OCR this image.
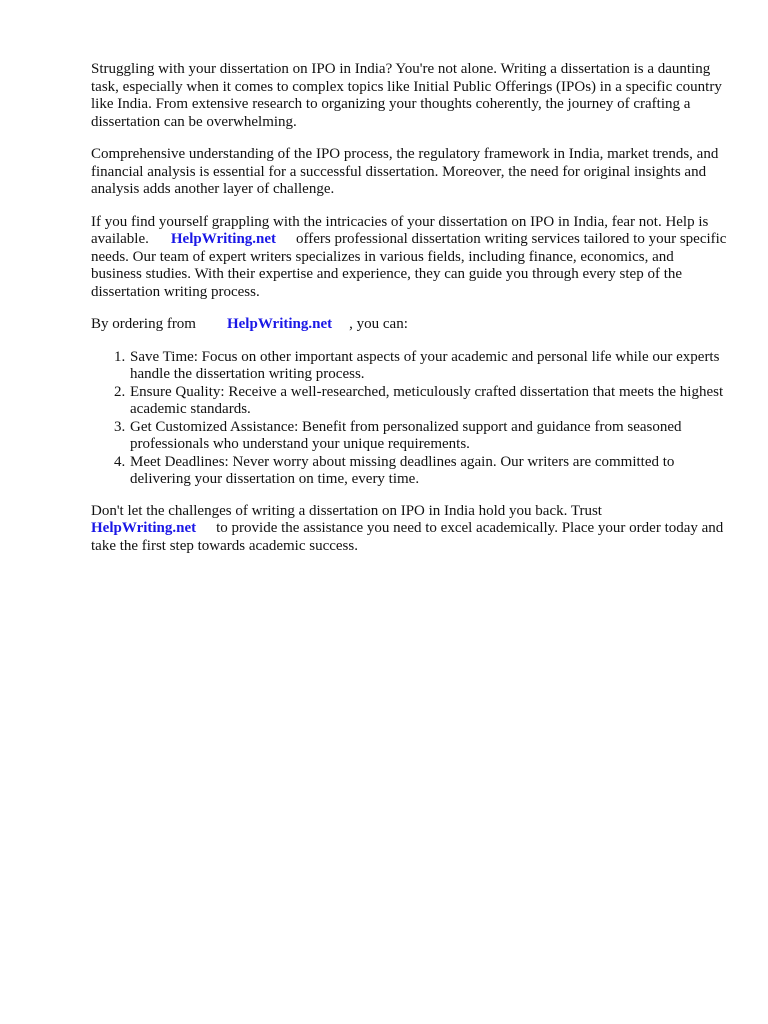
Struggling with your dissertation on IPO in India? You're not alone. Writing a dissertation is a daunting task, especially when it comes to complex topics like Initial Public Offerings (IPOs) in a specific country like India. From extensive research to organizing your thoughts coherently, the journey of crafting a dissertation can be overwhelming.

Comprehensive understanding of the IPO process, the regulatory framework in India, market trends, and financial analysis is essential for a successful dissertation. Moreover, the need for original insights and analysis adds another layer of challenge.

If you find yourself grappling with the intricacies of your dissertation on IPO in India, fear not. Help is available. HelpWriting.net offers professional dissertation writing services tailored to your specific needs. Our team of expert writers specializes in various fields, including finance, economics, and business studies. With their expertise and experience, they can guide you through every step of the dissertation writing process.

By ordering from HelpWriting.net , you can:

1. Save Time: Focus on other important aspects of your academic and personal life while our experts handle the dissertation writing process.
2. Ensure Quality: Receive a well-researched, meticulously crafted dissertation that meets the highest academic standards.
3. Get Customized Assistance: Benefit from personalized support and guidance from seasoned professionals who understand your unique requirements.
4. Meet Deadlines: Never worry about missing deadlines again. Our writers are committed to delivering your dissertation on time, every time.

Don't let the challenges of writing a dissertation on IPO in India hold you back. Trust
HelpWriting.net to provide the assistance you need to excel academically. Place your order today and take the first step towards academic success.
